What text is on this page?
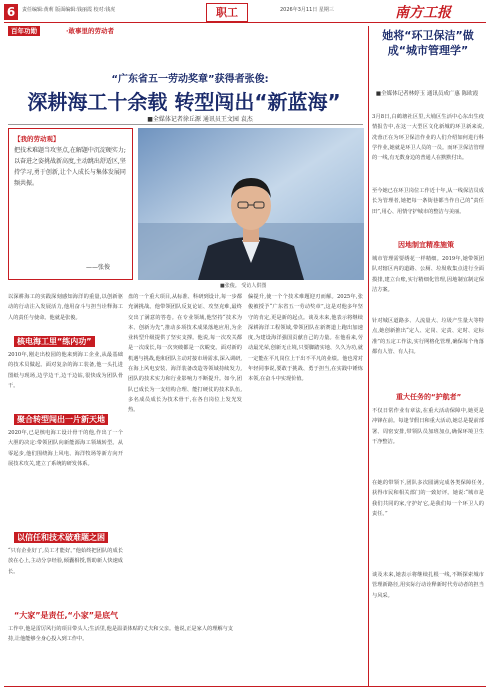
6	责任编辑:黄莉 版面编辑:钱丽霞 校对:钱虎	职工	2026年3月11日 星期三	南方工报
百年功勋	·敢事里的劳动者
“广东省五一劳动奖章”获得者张俊:
深耕海工十余载 转型闯出“新蓝海”
■全媒体记者徐丘源 通讯员王文园 袁杰
【我的劳动观】
把技术难题当攻坚点,在解题中沉淀硬实力;以奋进之姿挑战新高度,主动跳出舒适区,坚持学习,勇于创新,让个人成长与集体发展同频共振。
——张俊
■张俊。 受访人供图
以深耕海工的实践深刻感知海洋的重量,以创新驱动的行动注入发展活力,他用奋斗与担当诠释海工人的责任与使命。他就是张俊。
核电海工里“练内功”
2010年,刚走出校园的他来到海工企业,从最基础的技术员做起。面对复杂的海工装备,他一头扎进图纸与现场,边学边干,边干边钻,很快成为团队骨干。
聚合转型闯出一片新天地
2020年,已是核电海工设计骨干的他,作出了一个大胆的决定:带领团队向新能源海工领域转型。从零起步,他们围绕海上风电、海洋牧场等新方向开展技术攻关,建立了系统的研发体系。
以信任和技术破难题之困
“只有企业好了,员工才能好。”他始终把团队的成长放在心上,主动分享经验,倾囊相授,帮助新人快速成长。
“大家”是责任,“小家”是底气
工作中,他是雷厉风行的项目带头人;生活里,他是温柔体贴的丈夫和父亲。他说,正是家人的理解与支持,让他能够全身心投入到工作中。
盘的一个重大项目,从标准、科研到设计,每一步都充满挑战。他带领团队反复论证、攻坚克难,最终交出了满意的答卷。在专业领域,他坚持“技术为本、创新为先”,推动多项技术成果落地应用,为企业转型升级提供了坚实支撑。他说,每一次攻关都是一次成长,每一次突破都是一次蜕变。面对新的机遇与挑战,他和团队主动对接市场需求,深入调研,在海上风电安装、海洋装备改造等领域持续发力,团队的技术实力和行业影响力不断提升。如今,团队已成长为一支结构合理、能打硬仗的技术队伍,多名成员成长为技术骨干,在各自岗位上发光发热。
偏提升,使一个个技术难题迎刃而解。2025年,张俊被授予“广东省五一劳动奖章”,这是对他多年坚守的肯定,更是新的起点。谈及未来,他表示将继续深耕海洋工程领域,带领团队在新赛道上跑出加速度,为建设海洋强国贡献自己的力量。在他看来,劳动最光荣,创新无止境,只要脚踏实地、久久为功,就一定能在平凡岗位上干出不平凡的业绩。他也常对年轻同事说,要敢于挑战、勇于担当,在实践中锤炼本领,在奋斗中实现价值。
她将“环卫保洁”做成“城市管理学”
■全媒体记者林婷玉 通讯员成广惠 陈欧霞
3月8日,白鹤塘社区里,大埔区生活中心东出生疫情报告中,在这一大型区文化新城的环卫新来说,冼蓉正在为环卫保洁作业的人们介绍如何进行科学作业,她就是环卫人员的一员。而环卫保洁管理的一线,有无数身边的普通人在默默付出。
至今她已在环卫岗位工作近十年,从一线保洁员成长为管理者,她把每一条街巷都当作自己的“责任田”,用心、用情守护城市的整洁与美丽。
因地制宜精准施策
城市管理需要绣花一样精细。2019年,她带领团队对辖区内的道路、公厕、垃圾收集点进行全面摸排,建立台账,实行精细化管理,因地制宜制定保洁方案。
针对城区道路多、人流量大、垃圾产生量大等特点,她创新推出“定人、定岗、定责、定时、定标准”的五定工作法,实行网格化管理,确保每个角落都有人管、有人扫。
重大任务的“护航者”
不仅日常作业有章法,在重大活动保障中,她更是冲锋在前。每逢节假日和重大活动,她总是提前部署、周密安排,带领队员加班加点,确保环境卫生干净整洁。
在她的带领下,团队多次圆满完成各类保障任务,获得市民和相关部门的一致好评。她说:“城市是我们共同的家,守护好它,是我们每一个环卫人的责任。”
谈及未来,她表示将继续扎根一线,不断探索城市管理新路径,用实际行动诠释新时代劳动者的担当与风采。
